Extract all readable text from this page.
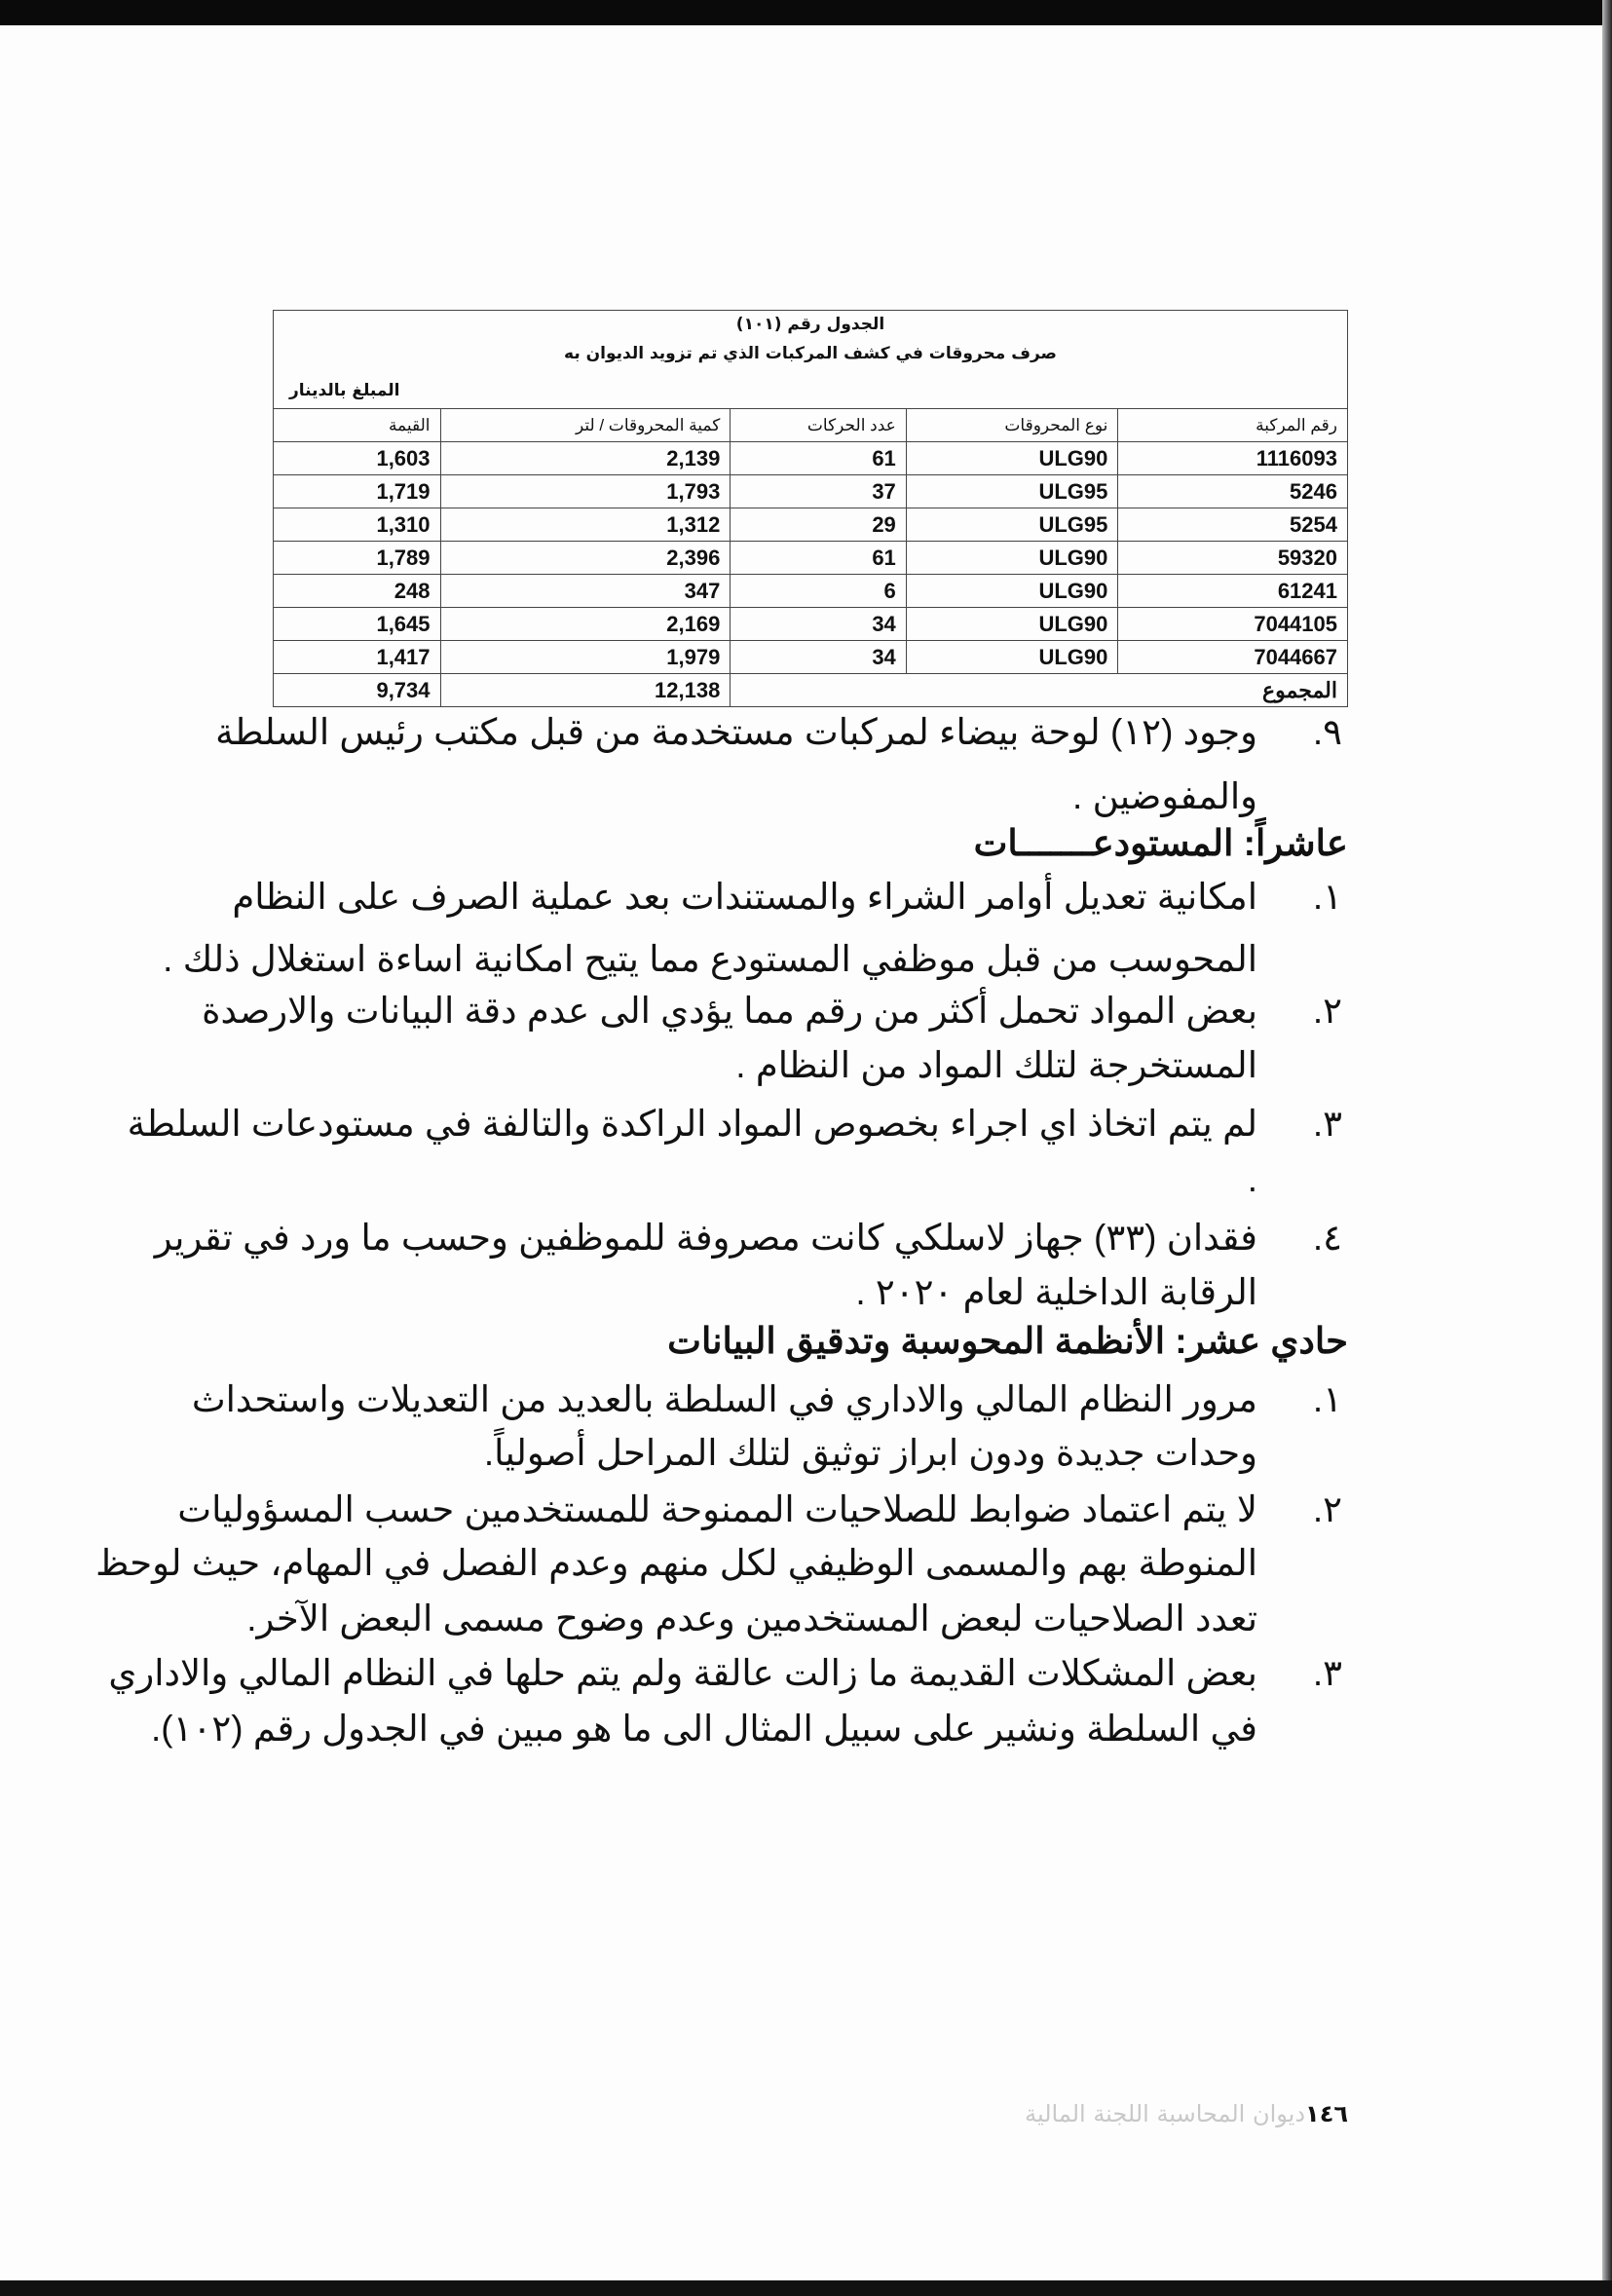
الجدول رقم (١٠١)
صرف محروقات في كشف المركبات الذي تم تزويد الديوان به
المبلغ بالدينار
رقم المركبة	نوع المحروقات	عدد الحركات	كمية المحروقات / لتر	القيمة
1116093	ULG90	61	2,139	1,603
5246	ULG95	37	1,793	1,719
5254	ULG95	29	1,312	1,310
59320	ULG90	61	2,396	1,789
61241	ULG90	6	347	248
7044105	ULG90	34	2,169	1,645
7044667	ULG90	34	1,979	1,417
المجموع			12,138	9,734
٩.
وجود (١٢) لوحة بيضاء لمركبات مستخدمة من قبل مكتب رئيس السلطة
والمفوضين .
عاشراً: المستودعـــــــات
١.
امكانية تعديل أوامر الشراء والمستندات بعد عملية الصرف على النظام
المحوسب من قبل موظفي المستودع مما يتيح امكانية اساءة استغلال ذلك .
٢.
بعض المواد تحمل أكثر من رقم مما يؤدي الى عدم دقة البيانات والارصدة
المستخرجة لتلك المواد من النظام .
٣.
لم يتم اتخاذ اي اجراء بخصوص المواد الراكدة والتالفة في مستودعات السلطة
.
٤.
فقدان (٣٣) جهاز لاسلكي كانت مصروفة للموظفين وحسب ما ورد في تقرير
الرقابة الداخلية لعام ٢٠٢٠ .
حادي عشر: الأنظمة المحوسبة وتدقيق البيانات
١.
مرور النظام المالي والاداري في السلطة بالعديد من التعديلات واستحداث
وحدات جديدة ودون ابراز توثيق لتلك المراحل أصولياً.
٢.
لا يتم اعتماد ضوابط للصلاحيات الممنوحة للمستخدمين حسب المسؤوليات
المنوطة بهم والمسمى الوظيفي لكل منهم وعدم الفصل في المهام، حيث لوحظ
تعدد الصلاحيات لبعض المستخدمين وعدم وضوح مسمى البعض الآخر.
٣.
بعض المشكلات القديمة ما زالت عالقة ولم يتم حلها في النظام المالي والاداري
في السلطة ونشير على سبيل المثال الى ما هو مبين في الجدول رقم (١٠٢).
١٤٦ديوان المحاسبة اللجنة المالية
